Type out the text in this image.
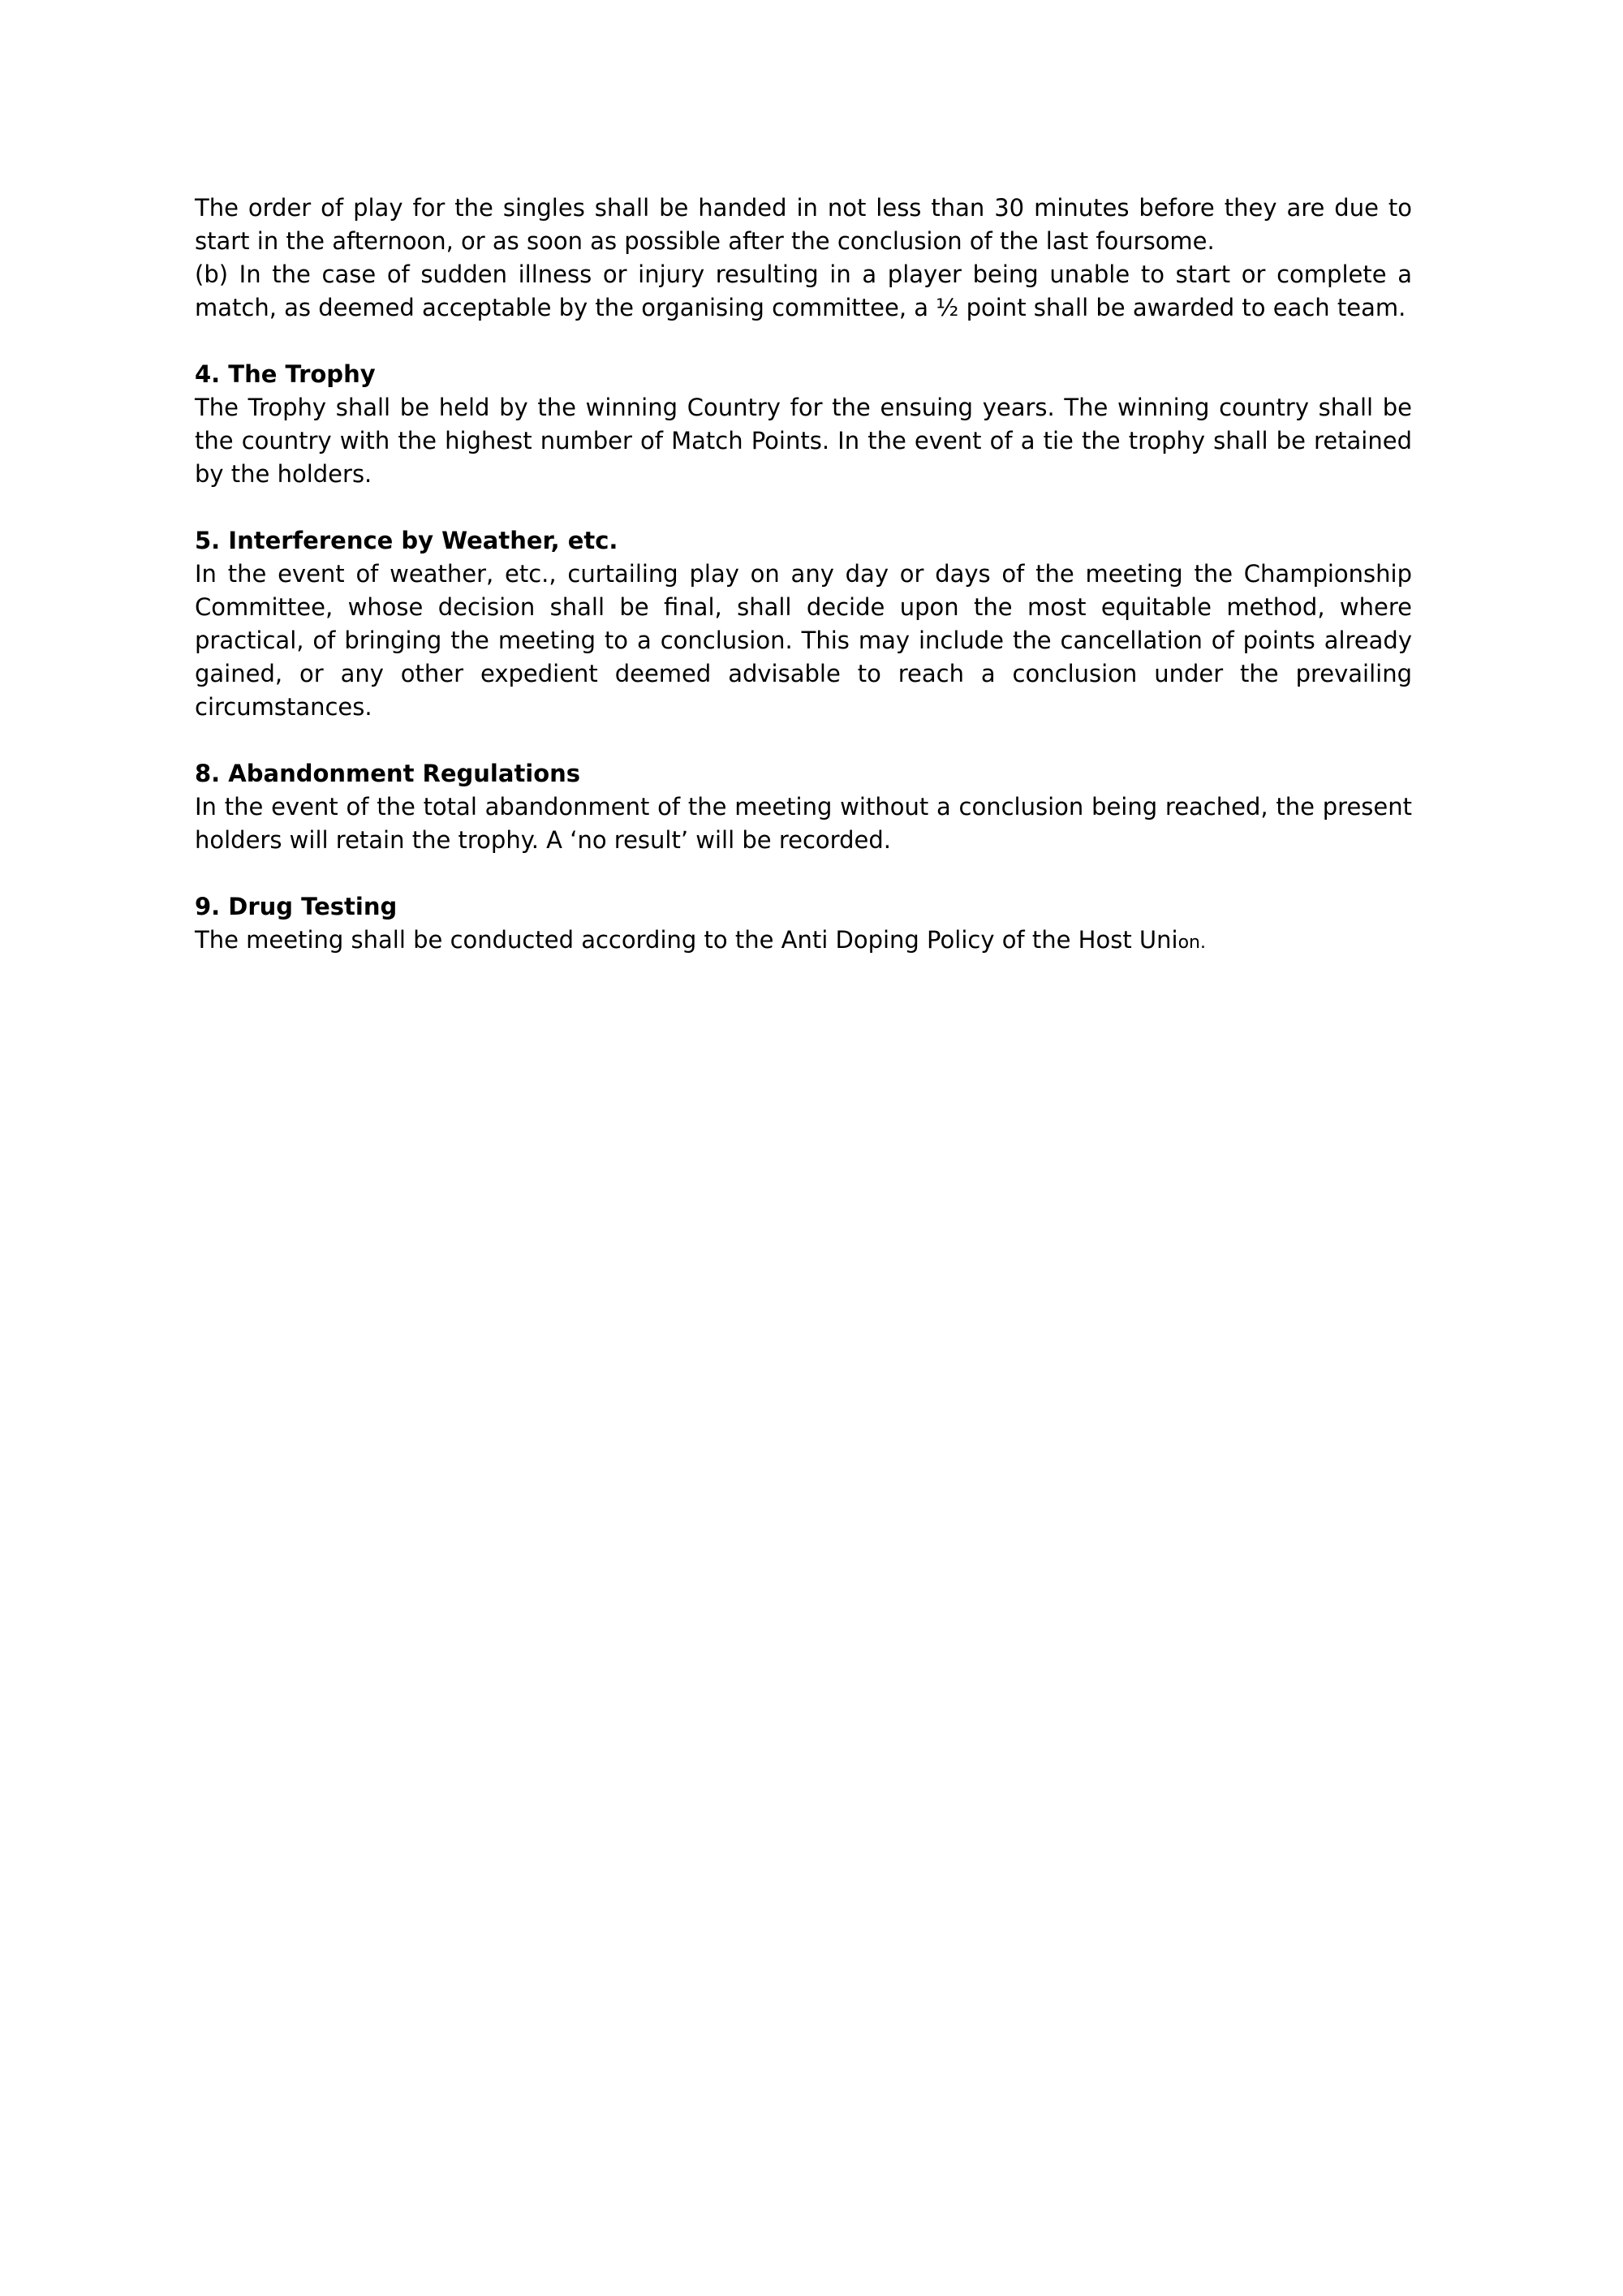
The order of play for the singles shall be handed in not less than 30 minutes before they are due to start in the afternoon, or as soon as possible after the conclusion of the last foursome.

(b) In the case of sudden illness or injury resulting in a player being unable to start or complete a match, as deemed acceptable by the organising committee, a ½ point shall be awarded to each team.

4. The Trophy

The Trophy shall be held by the winning Country for the ensuing years. The winning country shall be the country with the highest number of Match Points. In the event of a tie the trophy shall be retained by the holders.

5. Interference by Weather, etc.

In the event of weather, etc., curtailing play on any day or days of the meeting the Championship Committee, whose decision shall be final, shall decide upon the most equitable method, where practical, of bringing the meeting to a conclusion. This may include the cancellation of points already gained, or any other expedient deemed advisable to reach a conclusion under the prevailing circumstances.

8. Abandonment Regulations

In the event of the total abandonment of the meeting without a conclusion being reached, the present holders will retain the trophy. A ‘no result’ will be recorded.

9. Drug Testing

The meeting shall be conducted according to the Anti Doping Policy of the Host Union.
